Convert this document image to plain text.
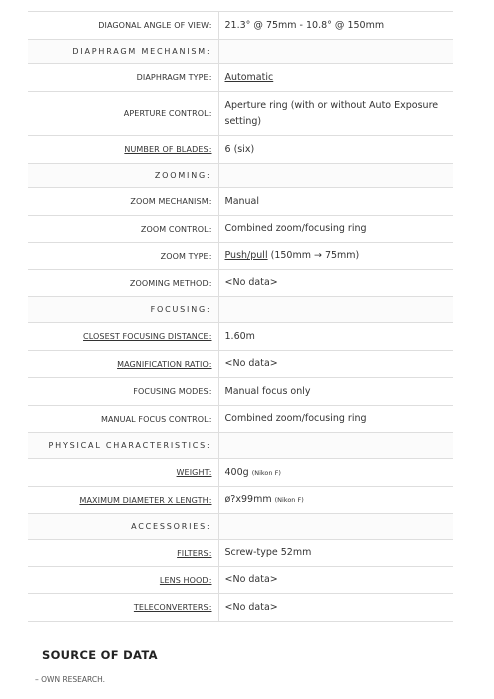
DIAGONAL ANGLE OF VIEW:	21.3° @ 75mm - 10.8° @ 150mm
DIAPHRAGM MECHANISM:	
DIAPHRAGM TYPE:	Automatic
APERTURE CONTROL:	Aperture ring (with or without Auto Exposure setting)
NUMBER OF BLADES:	6 (six)
ZOOMING:	
ZOOM MECHANISM:	Manual
ZOOM CONTROL:	Combined zoom/focusing ring
ZOOM TYPE:	Push/pull (150mm → 75mm)
ZOOMING METHOD:	<No data>
FOCUSING:	
CLOSEST FOCUSING DISTANCE:	1.60m
MAGNIFICATION RATIO:	<No data>
FOCUSING MODES:	Manual focus only
MANUAL FOCUS CONTROL:	Combined zoom/focusing ring
PHYSICAL CHARACTERISTICS:	
WEIGHT:	400g (Nikon F)
MAXIMUM DIAMETER X LENGTH:	ø?x99mm (Nikon F)
ACCESSORIES:	
FILTERS:	Screw-type 52mm
LENS HOOD:	<No data>
TELECONVERTERS:	<No data>
SOURCE OF DATA
– OWN RESEARCH.
